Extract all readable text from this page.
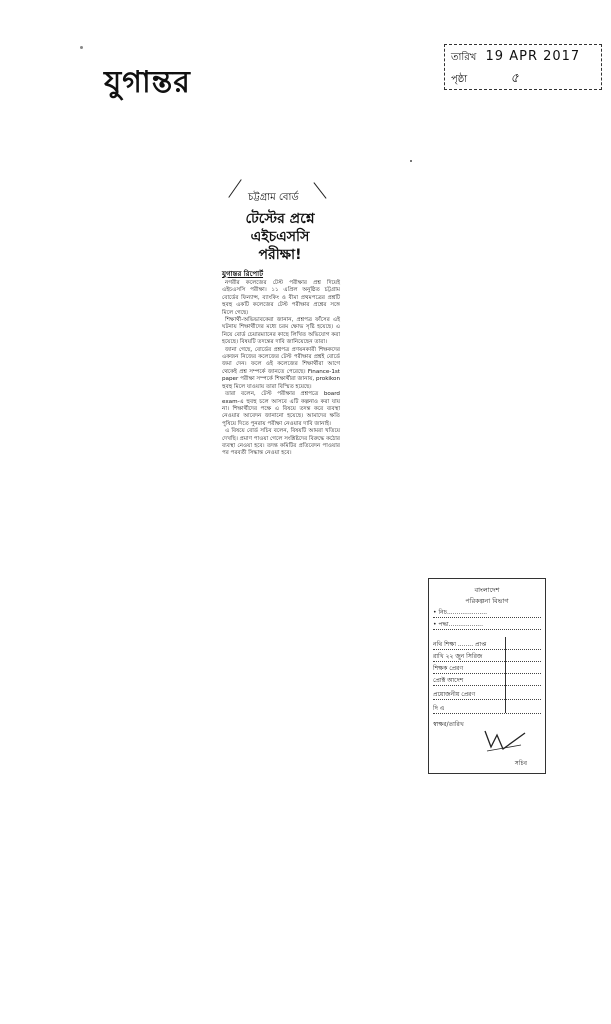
যুগান্তর
তারিখ 19 APR 2017
পৃষ্ঠা	৫
চট্টগ্রাম বোর্ড
টেস্টের প্রশ্নে
এইচএসসি
পরীক্ষা!
যুগান্তর রিপোর্ট

নগরীর কলেজের টেস্ট পরীক্ষার প্রশ্ন দিয়েই এইচএসসি পরীক্ষা। ১১ এপ্রিল অনুষ্ঠিত চট্টগ্রাম বোর্ডের ফিন্যান্স, ব্যাংকিং ও বীমা প্রথমপত্রের প্রশ্নটি হুবহু একটি কলেজের টেস্ট পরীক্ষার প্রশ্নের সঙ্গে মিলে গেছে।

শিক্ষার্থী-অভিভাবকেরা জানান, প্রশ্নপত্র ফাঁসের এই ঘটনায় শিক্ষার্থীদের মধ্যে চরম ক্ষোভ সৃষ্টি হয়েছে। এ নিয়ে বোর্ড চেয়ারম্যানের কাছে লিখিত অভিযোগ করা হয়েছে। বিষয়টি তদন্তের দাবি জানিয়েছেন তারা।

জানা গেছে, বোর্ডের প্রশ্নপত্র প্রণয়নকারী শিক্ষকদের একজন নিজের কলেজের টেস্ট পরীক্ষার প্রশ্নই বোর্ডে জমা দেন। ফলে ওই কলেজের শিক্ষার্থীরা আগে থেকেই প্রশ্ন সম্পর্কে জানতে পেরেছে। Finance-1st paper পরীক্ষা সম্পর্কে শিক্ষার্থীরা জানায়, prokikon হুবহু মিলে যাওয়ায় তারা বিস্মিত হয়েছে।

তারা বলেন, টেস্ট পরীক্ষার প্রশ্নপত্রে board exam-এ হুবহু চলে আসবে এটি কল্পনাও করা যায় না। শিক্ষার্থীদের পক্ষে এ বিষয়ে তদন্ত করে ব্যবস্থা নেওয়ার আবেদন জানানো হয়েছে। আমাদের ক্ষতি পুষিয়ে দিতে পুনরায় পরীক্ষা নেওয়ার দাবি জানাই।

এ বিষয়ে বোর্ড সচিব বলেন, বিষয়টি আমরা খতিয়ে দেখছি। প্রমাণ পাওয়া গেলে সংশ্লিষ্টদের বিরুদ্ধে কঠোর ব্যবস্থা নেওয়া হবে। তদন্ত কমিটির প্রতিবেদন পাওয়ার পর পরবর্তী সিদ্ধান্ত নেওয়া হবে।

বাংলাদেশ
পরিকল্পনা বিভাগ
• নিচ.....................
• পদ্ধা..................
নথি শিক্ষা ........ প্রাপ্ত
রাখি ২২ জুন সিরিজ
শিক্ষক প্রেরণ
প্রোক্ট আদেশ
প্রয়োজনীয় প্রেরণ
দি এ
স্বাক্ষর/তারিখ
সচিব
